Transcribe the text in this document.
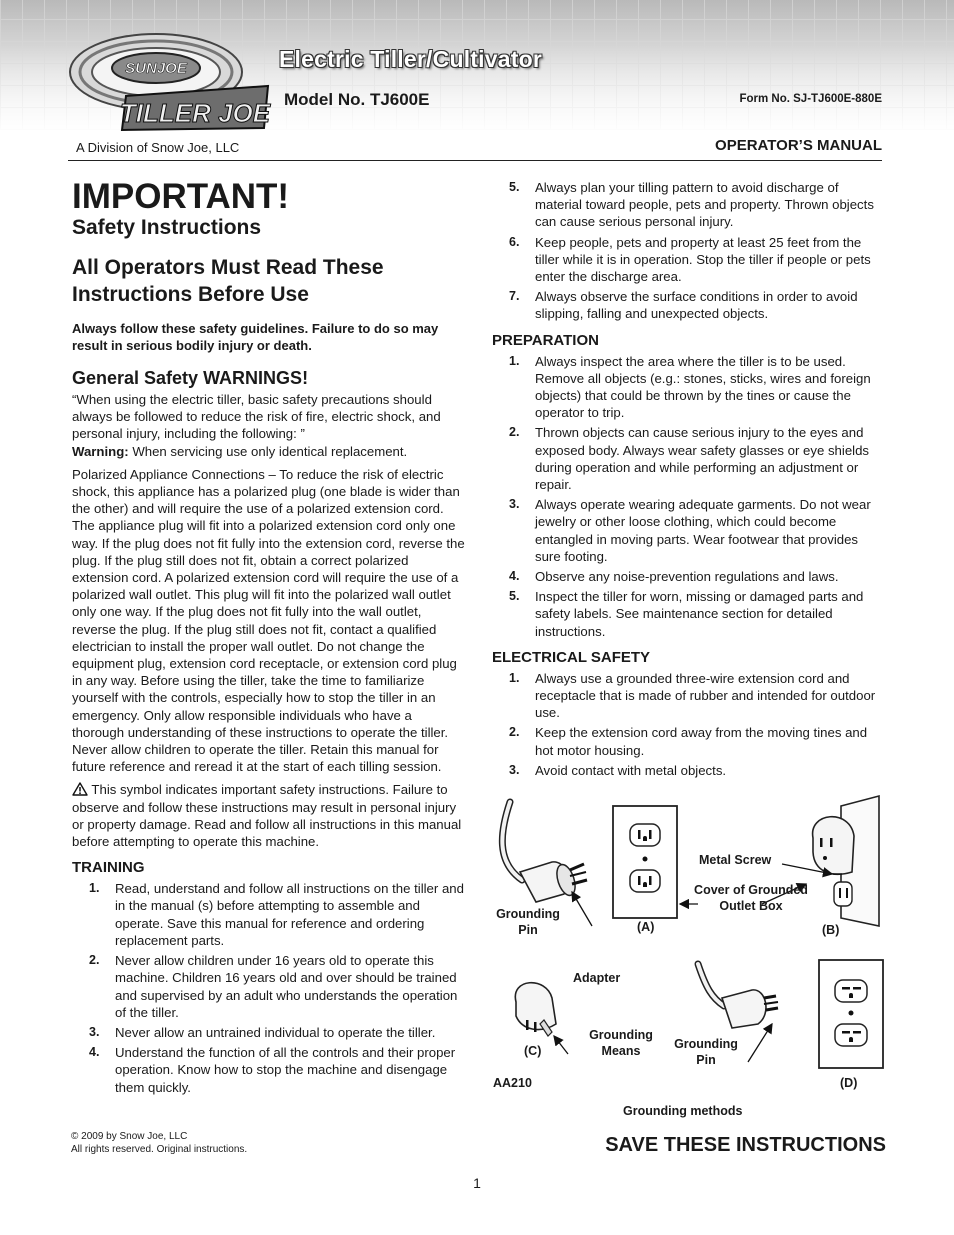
SUNJOE
TILLER JOE
Electric Tiller/Cultivator
Model No. TJ600E	Form No. SJ-TJ600E-880E
A Division of Snow Joe, LLC	OPERATOR’S MANUAL
IMPORTANT!
Safety Instructions
All Operators Must Read These Instructions Before Use
Always follow these safety guidelines. Failure to do so may result in serious bodily injury or death.
General Safety WARNINGS!

“When using the electric tiller, basic safety precautions should always be followed to reduce the risk of fire, electric shock, and personal injury, including the following: ”

Warning: When servicing use only identical replacement.

Polarized Appliance Connections – To reduce the risk of electric shock, this appliance has a polarized plug (one blade is wider than the other) and will require the use of a polarized extension cord. The appliance plug will fit into a polarized extension cord only one way. If the plug does not fit fully into the extension cord, reverse the plug. If the plug still does not fit, obtain a correct polarized extension cord. A polarized extension cord will require the use of a polarized wall outlet. This plug will fit into the polarized wall outlet only one way. If the plug does not fit fully into the wall outlet, reverse the plug. If the plug still does not fit, contact a qualified electrician to install the proper wall outlet. Do not change the equipment plug, extension cord receptacle, or extension cord plug in any way. Before using the tiller, take the time to familiarize yourself with the controls, especially how to stop the tiller in an emergency. Only allow responsible individuals who have a thorough understanding of these instructions to operate the tiller. Never allow children to operate the tiller. Retain this manual for future reference and reread it at the start of each tilling session.

This symbol indicates important safety instructions. Failure to observe and follow these instructions may result in personal injury or property damage. Read and follow all instructions in this manual before attempting to operate this machine.

TRAINING
1. Read, understand and follow all instructions on the tiller and in the manual (s) before attempting to assemble and operate. Save this manual for reference and ordering replacement parts.
2. Never allow children under 16 years old to operate this machine. Children 16 years old and over should be trained and supervised by an adult who understands the operation of the tiller.
3. Never allow an untrained individual to operate the tiller.
4. Understand the function of all the controls and their proper operation. Know how to stop the machine and disengage them quickly.
5. Always plan your tilling pattern to avoid discharge of material toward people, pets and property. Thrown objects can cause serious personal injury.
6. Keep people, pets and property at least 25 feet from the tiller while it is in operation. Stop the tiller if people or pets enter the discharge area.
7. Always observe the surface conditions in order to avoid slipping, falling and unexpected objects.
PREPARATION
1. Always inspect the area where the tiller is to be used. Remove all objects (e.g.: stones, sticks, wires and foreign objects) that could be thrown by the tines or cause the operator to trip.
2. Thrown objects can cause serious injury to the eyes and exposed body. Always wear safety glasses or eye shields during operation and while performing an adjustment or repair.
3. Always operate wearing adequate garments. Do not wear jewelry or other loose clothing, which could become entangled in moving parts. Wear footwear that provides sure footing.
4. Observe any noise-prevention regulations and laws.
5. Inspect the tiller for worn, missing or damaged parts and safety labels. See maintenance section for detailed instructions.
ELECTRICAL SAFETY
1. Always use a grounded three-wire extension cord and receptacle that is made of rubber and intended for outdoor use.
2. Keep the extension cord away from the moving tines and hot motor housing.
3. Avoid contact with metal objects.
Grounding Pin	(A)
Metal Screw
Cover of Grounded Outlet Box
(B)
Adapter
Grounding Means
(C)	Grounding Pin
(D)
AA210
Grounding methods
© 2009 by Snow Joe, LLC
All rights reserved. Original instructions.	SAVE THESE INSTRUCTIONS
1
